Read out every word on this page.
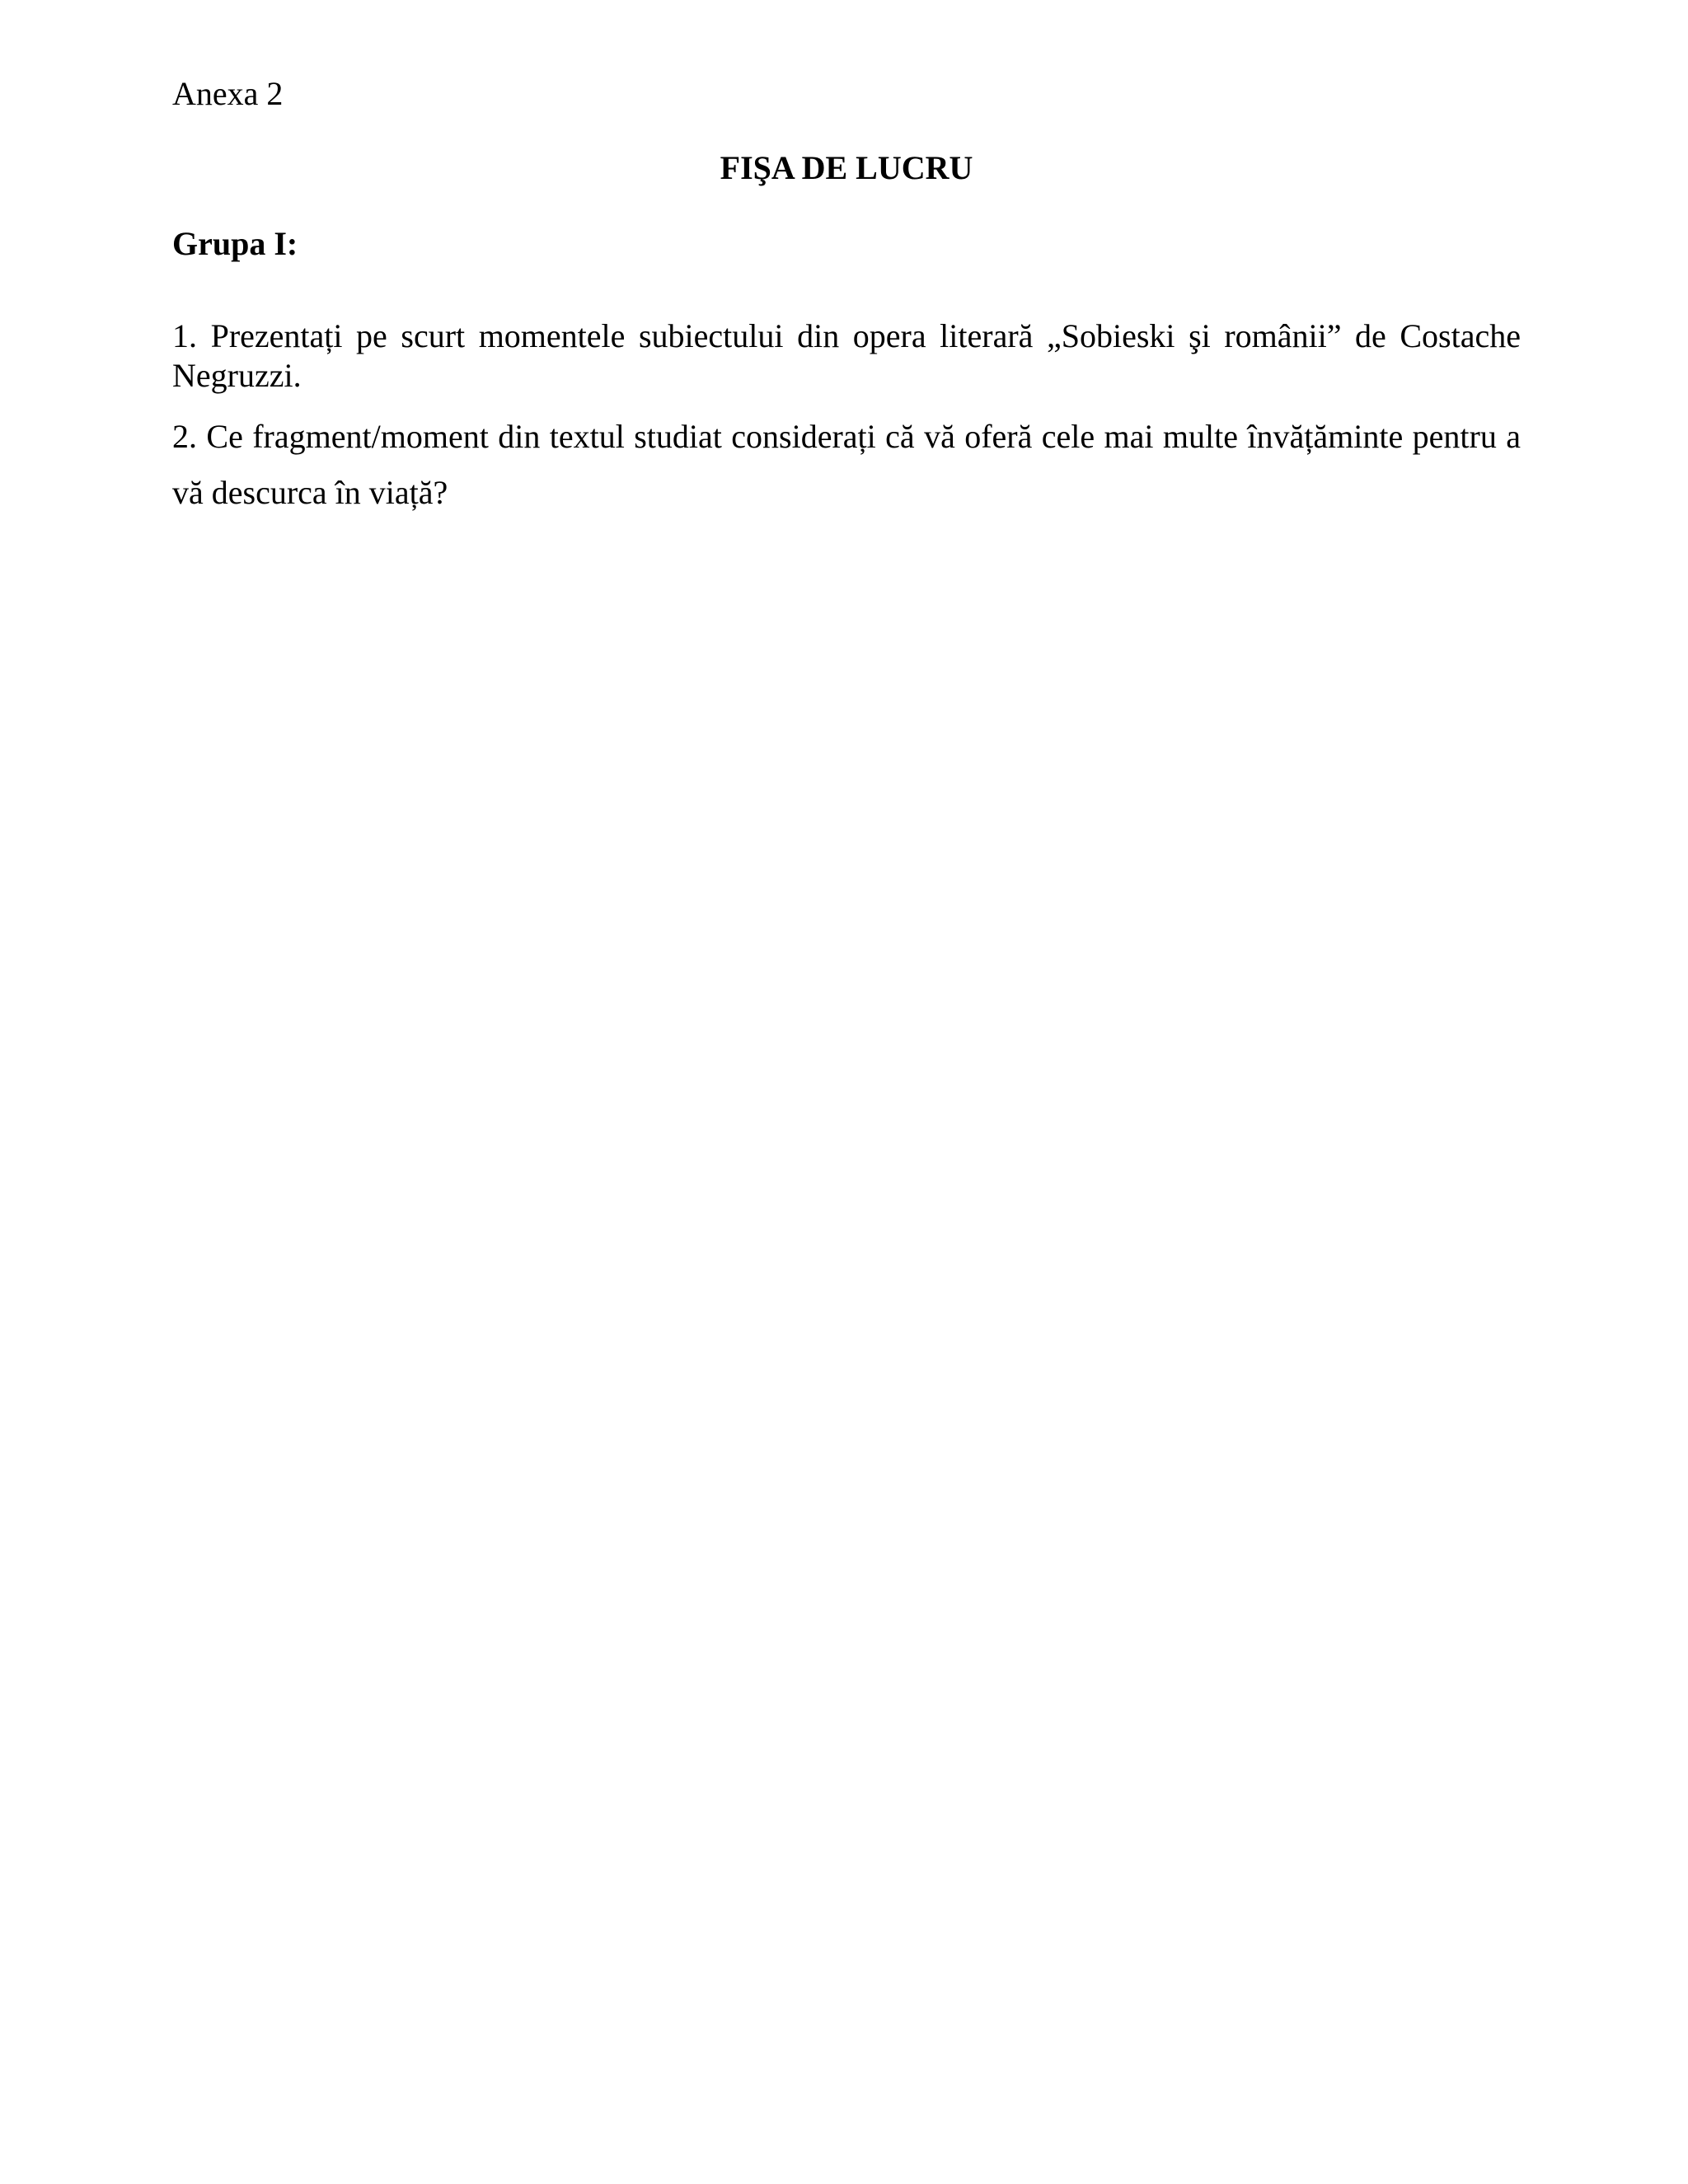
Anexa 2
FIŞA DE LUCRU
Grupa I:

1. Prezentați pe scurt momentele subiectului din opera literară „Sobieski şi românii” de Costache Negruzzi.

2. Ce fragment/moment din textul studiat considerați că vă oferă cele mai multe învățăminte pentru a vă descurca în viață?
